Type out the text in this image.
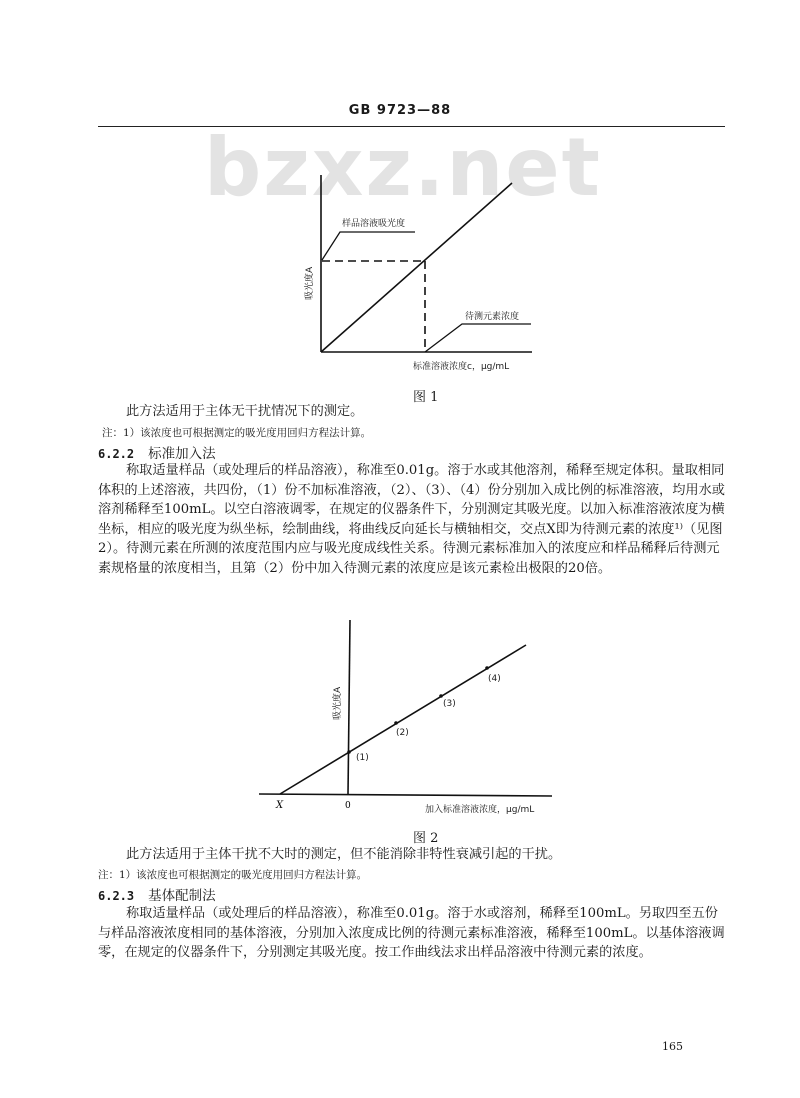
GB 9723—88
bzxz.net
样品溶液吸光度
待测元素浓度
吸光度A
标准溶液浓度c，μg/mL
图 1
此方法适用于主体无干扰情况下的测定。
注：1）该浓度也可根据测定的吸光度用回归方程法计算。
6.2.2 标准加入法
称取适量样品（或处理后的样品溶液），称准至0.01g。溶于水或其他溶剂，稀释至规定体积。量取相同体积的上述溶液，共四份，（1）份不加标准溶液，（2）、（3）、（4）份分别加入成比例的标准溶液，均用水或溶剂稀释至100mL。以空白溶液调零，在规定的仪器条件下，分别测定其吸光度。以加入标准溶液浓度为横坐标，相应的吸光度为纵坐标，绘制曲线，将曲线反向延长与横轴相交，交点X即为待测元素的浓度¹⁾（见图2）。待测元素在所测的浓度范围内应与吸光度成线性关系。待测元素标准加入的浓度应和样品稀释后待测元素规格量的浓度相当，且第（2）份中加入待测元素的浓度应是该元素检出极限的20倍。
(1)
(2)
(3)
(4)
吸光度A
X	0	加入标准溶液浓度，μg/mL
图 2
此方法适用于主体干扰不大时的测定，但不能消除非特性衰减引起的干扰。
注：1）该浓度也可根据测定的吸光度用回归方程法计算。
6.2.3 基体配制法
称取适量样品（或处理后的样品溶液），称准至0.01g。溶于水或溶剂，稀释至100mL。另取四至五份与样品溶液浓度相同的基体溶液，分别加入浓度成比例的待测元素标准溶液，稀释至100mL。以基体溶液调零，在规定的仪器条件下，分别测定其吸光度。按工作曲线法求出样品溶液中待测元素的浓度。
165
